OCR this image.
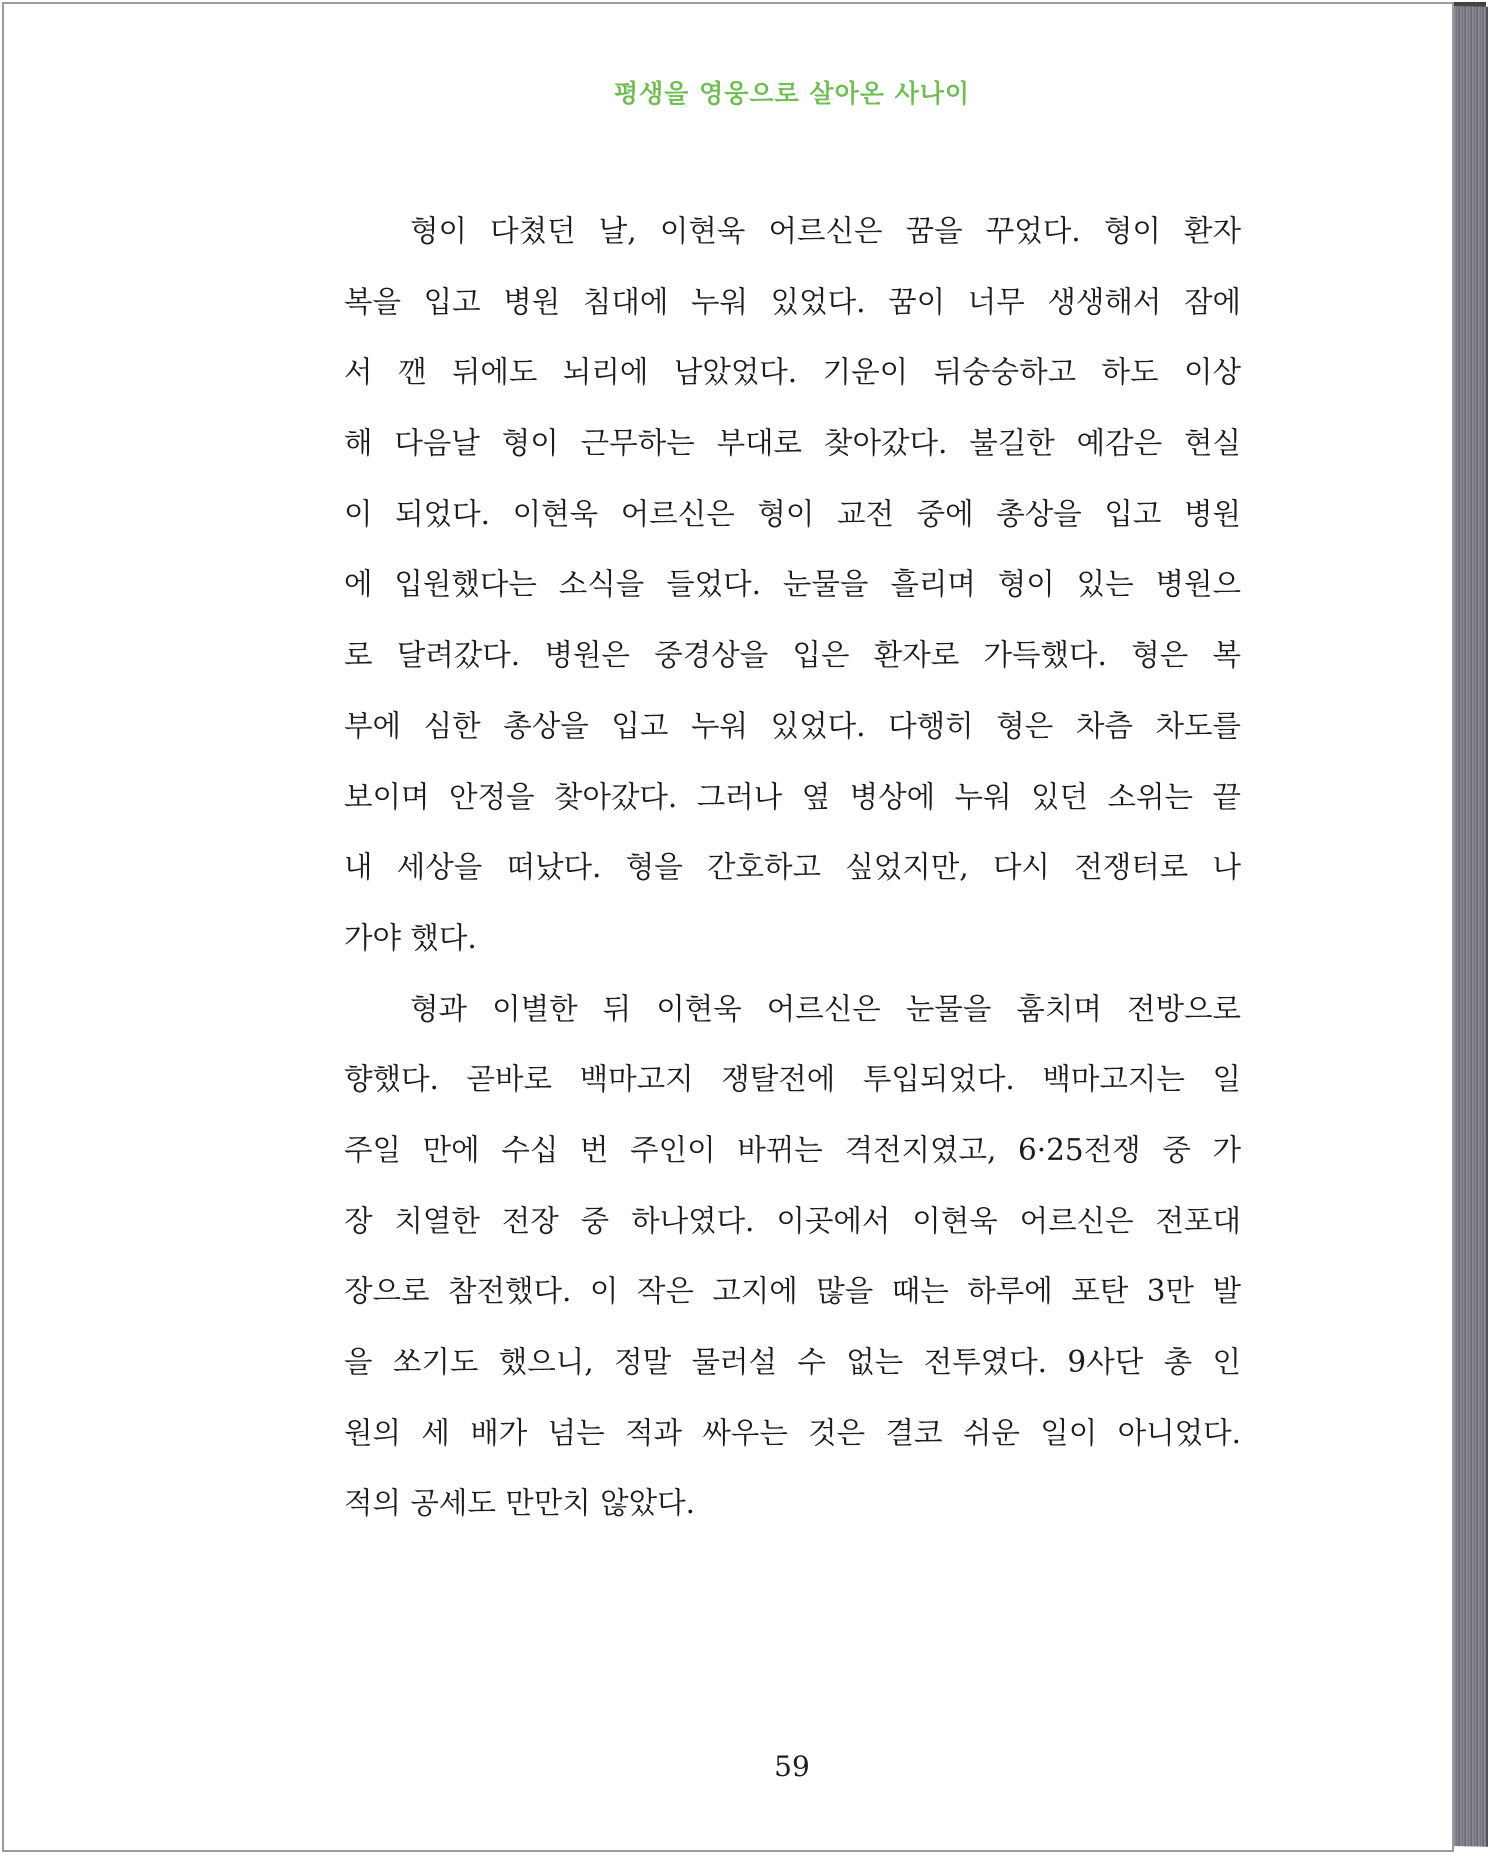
평생을 영웅으로 살아온 사나이
형이 다쳤던 날, 이현욱 어르신은 꿈을 꾸었다. 형이 환자
복을 입고 병원 침대에 누워 있었다. 꿈이 너무 생생해서 잠에
서 깬 뒤에도 뇌리에 남았었다. 기운이 뒤숭숭하고 하도 이상
해 다음날 형이 근무하는 부대로 찾아갔다. 불길한 예감은 현실
이 되었다. 이현욱 어르신은 형이 교전 중에 총상을 입고 병원
에 입원했다는 소식을 들었다. 눈물을 흘리며 형이 있는 병원으
로 달려갔다. 병원은 중경상을 입은 환자로 가득했다. 형은 복
부에 심한 총상을 입고 누워 있었다. 다행히 형은 차츰 차도를
보이며 안정을 찾아갔다. 그러나 옆 병상에 누워 있던 소위는 끝
내 세상을 떠났다. 형을 간호하고 싶었지만, 다시 전쟁터로 나
가야 했다.
형과 이별한 뒤 이현욱 어르신은 눈물을 훔치며 전방으로
향했다. 곧바로 백마고지 쟁탈전에 투입되었다. 백마고지는 일
주일 만에 수십 번 주인이 바뀌는 격전지였고, 6·25전쟁 중 가
장 치열한 전장 중 하나였다. 이곳에서 이현욱 어르신은 전포대
장으로 참전했다. 이 작은 고지에 많을 때는 하루에 포탄 3만 발
을 쏘기도 했으니, 정말 물러설 수 없는 전투였다. 9사단 총 인
원의 세 배가 넘는 적과 싸우는 것은 결코 쉬운 일이 아니었다.
적의 공세도 만만치 않았다.
59
